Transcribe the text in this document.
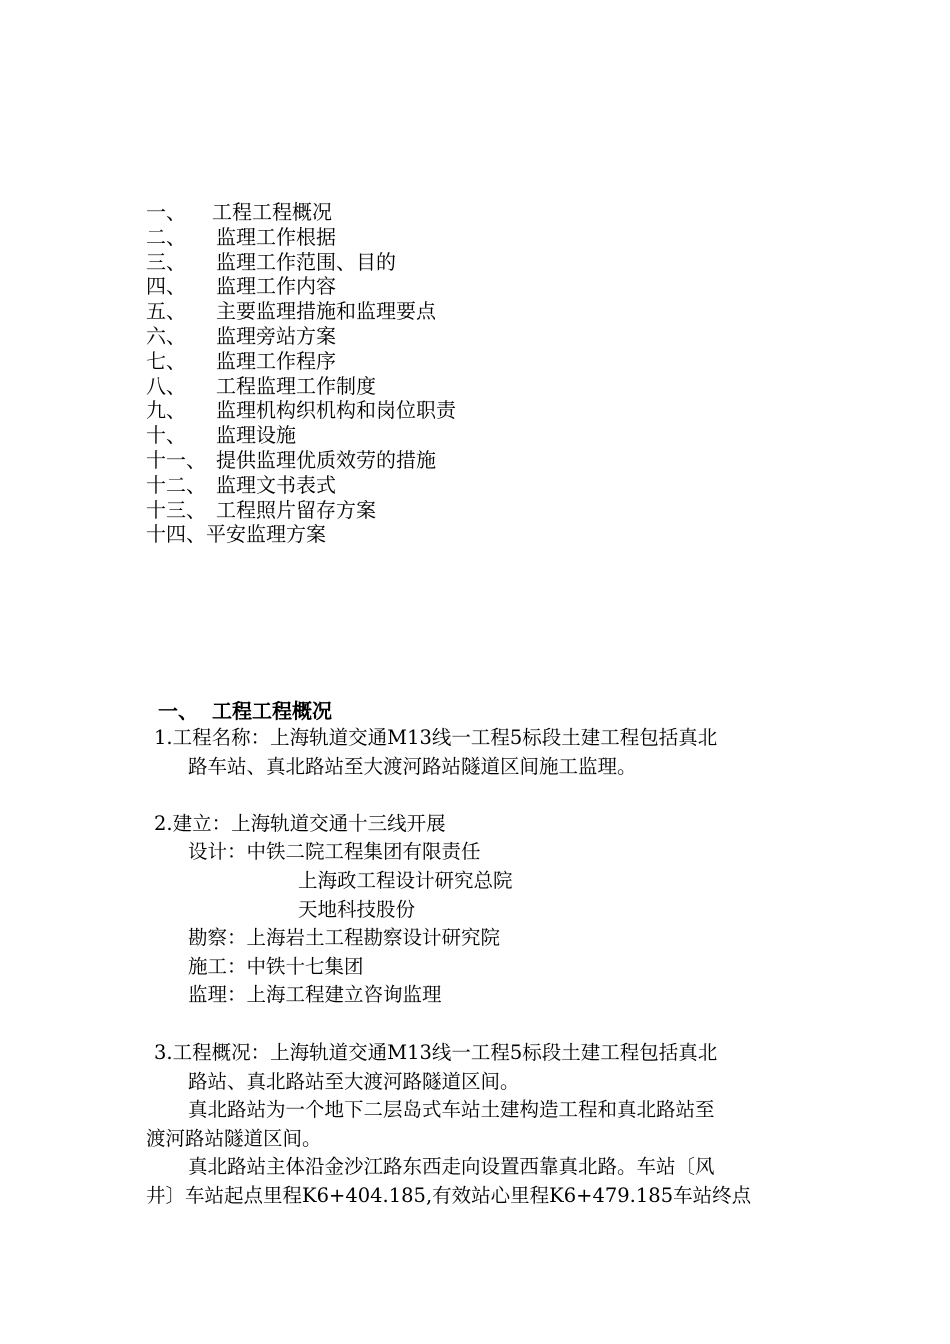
一、 工程工程概况
二、 监理工作根据
三、 监理工作范围、目的
四、 监理工作内容
五、 主要监理措施和监理要点
六、 监理旁站方案
七、 监理工作程序
八、 工程监理工作制度
九、 监理机构织机构和岗位职责
十、 监理设施
十一、 提供监理优质效劳的措施
十二、 监理文书表式
十三、 工程照片留存方案
十四、平安监理方案
一、 工程工程概况
1.工程名称：上海轨道交通M13线一工程5标段土建工程包括真北
路车站、真北路站至大渡河路站隧道区间施工监理。
2.建立：上海轨道交通十三线开展
设计：中铁二院工程集团有限责任
上海政工程设计研究总院
天地科技股份
勘察：上海岩土工程勘察设计研究院
施工：中铁十七集团
监理：上海工程建立咨询监理
3.工程概况：上海轨道交通M13线一工程5标段土建工程包括真北
路站、真北路站至大渡河路隧道区间。
真北路站为一个地下二层岛式车站土建构造工程和真北路站至
渡河路站隧道区间。
真北路站主体沿金沙江路东西走向设置西靠真北路。车站〔风
井〕车站起点里程K6+404.185,有效站心里程K6+479.185车站终点
